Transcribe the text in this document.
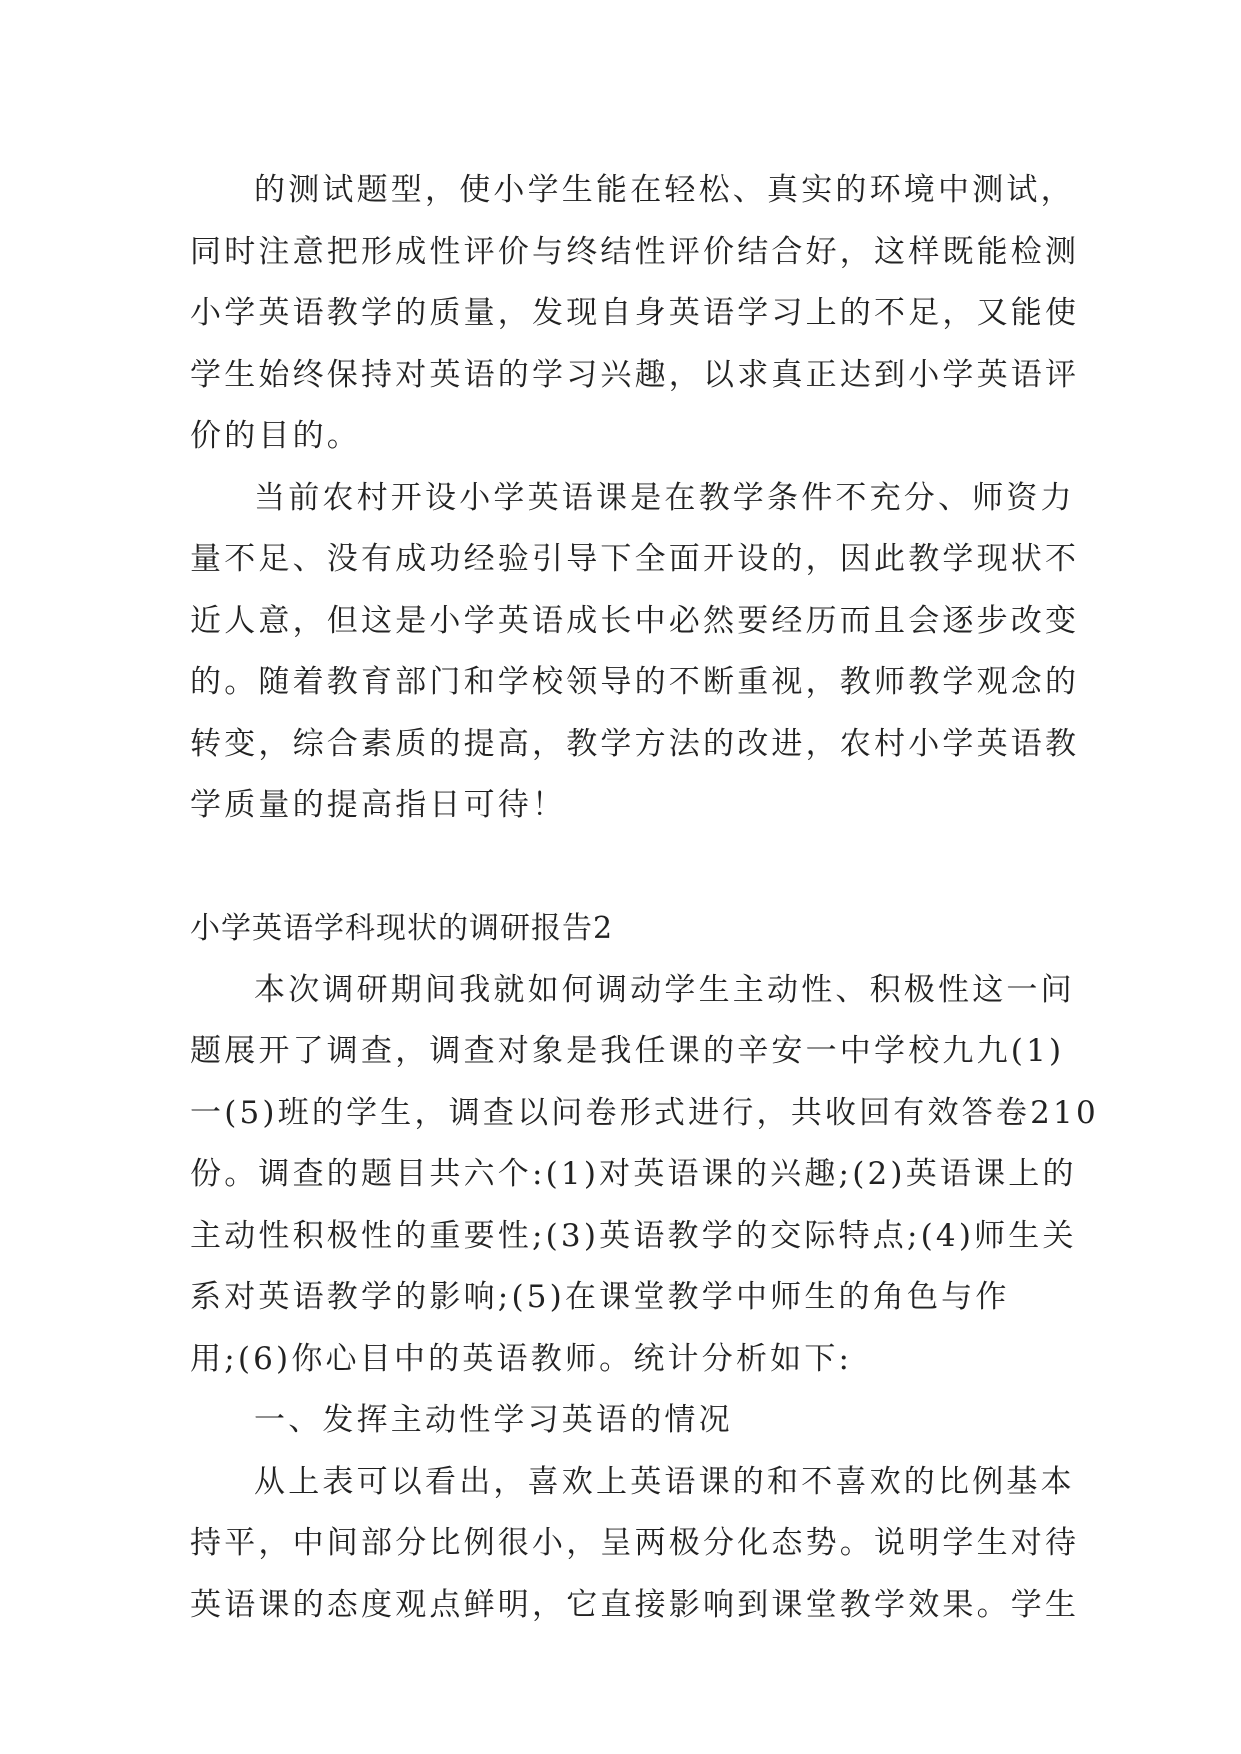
的测试题型，使小学生能在轻松、真实的环境中测试，
同时注意把形成性评价与终结性评价结合好，这样既能检测
小学英语教学的质量，发现自身英语学习上的不足，又能使
学生始终保持对英语的学习兴趣，以求真正达到小学英语评
价的目的。
当前农村开设小学英语课是在教学条件不充分、师资力
量不足、没有成功经验引导下全面开设的，因此教学现状不
近人意，但这是小学英语成长中必然要经历而且会逐步改变
的。随着教育部门和学校领导的不断重视，教师教学观念的
转变，综合素质的提高，教学方法的改进，农村小学英语教
学质量的提高指日可待！

小学英语学科现状的调研报告2

本次调研期间我就如何调动学生主动性、积极性这一问
题展开了调查，调查对象是我任课的辛安一中学校九九(1)
一(5)班的学生，调查以问卷形式进行，共收回有效答卷210
份。调查的题目共六个:(1)对英语课的兴趣;(2)英语课上的
主动性积极性的重要性;(3)英语教学的交际特点;(4)师生关
系对英语教学的影响;(5)在课堂教学中师生的角色与作
用;(6)你心目中的英语教师。统计分析如下:
一、发挥主动性学习英语的情况
从上表可以看出，喜欢上英语课的和不喜欢的比例基本
持平，中间部分比例很小，呈两极分化态势。说明学生对待
英语课的态度观点鲜明，它直接影响到课堂教学效果。学生
